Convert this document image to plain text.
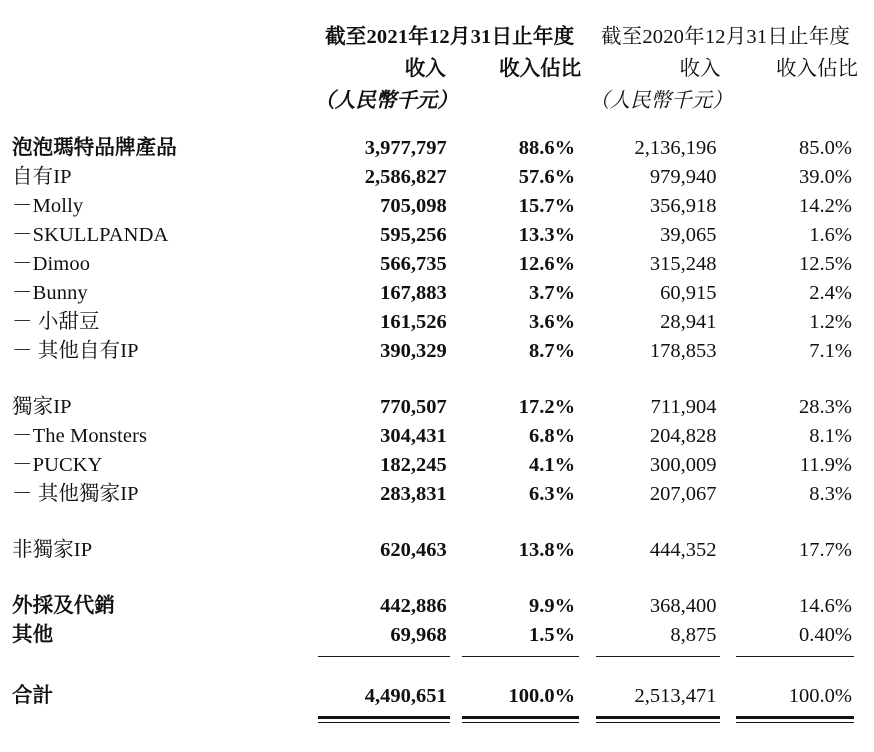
	截至2021年12月31日止年度		截至2020年12月31日止年度	
	收入	收入佔比	收入	收入佔比
	（人民幣千元）		（人民幣千元）	
泡泡瑪特品牌產品	3,977,797	88.6%	2,136,196	85.0%
自有IP	2,586,827	57.6%	979,940	39.0%
－Molly	705,098	15.7%	356,918	14.2%
－SKULLPANDA	595,256	13.3%	39,065	1.6%
－Dimoo	566,735	12.6%	315,248	12.5%
－Bunny	167,883	3.7%	60,915	2.4%
－ 小甜豆	161,526	3.6%	28,941	1.2%
－ 其他自有IP	390,329	8.7%	178,853	7.1%

獨家IP	770,507	17.2%	711,904	28.3%
－The Monsters	304,431	6.8%	204,828	8.1%
－PUCKY	182,245	4.1%	300,009	11.9%
－ 其他獨家IP	283,831	6.3%	207,067	8.3%

非獨家IP	620,463	13.8%	444,352	17.7%

外採及代銷	442,886	9.9%	368,400	14.6%
其他	69,968	1.5%	8,875	0.40%

合計	4,490,651	100.0%	2,513,471	100.0%
